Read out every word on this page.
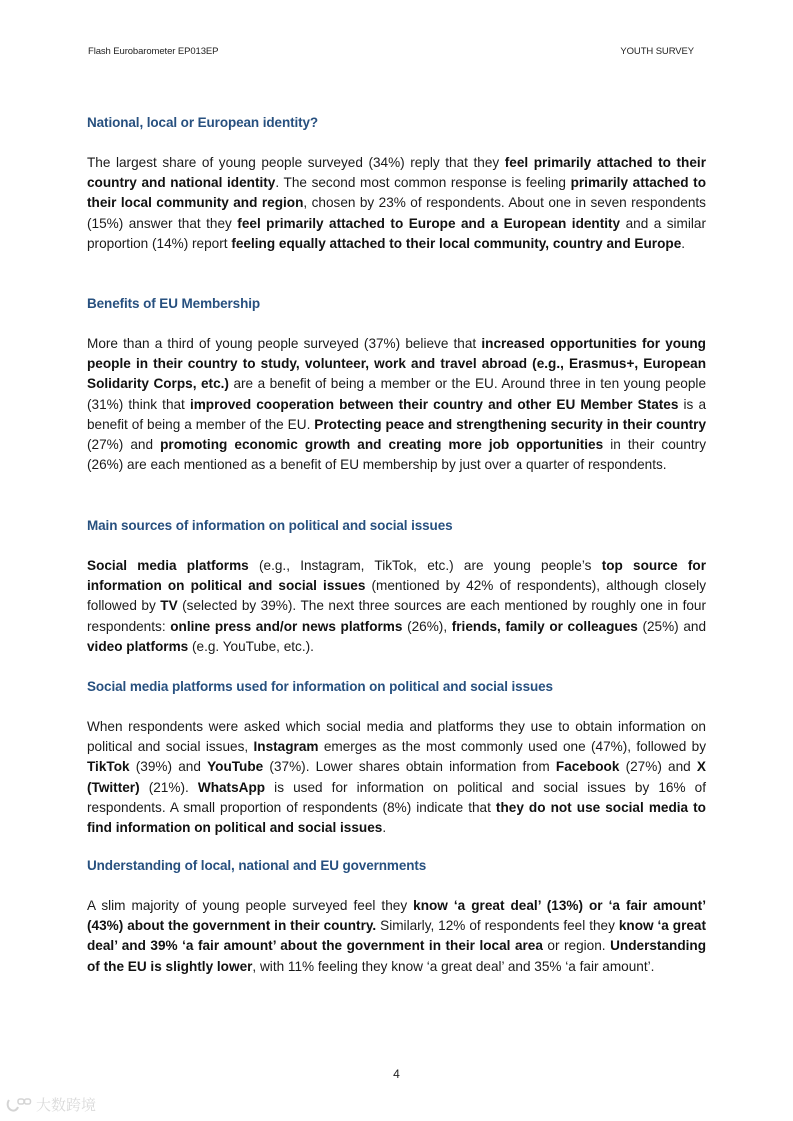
Flash Eurobarometer EP013EP	YOUTH SURVEY
National, local or European identity?

The largest share of young people surveyed (34%) reply that they feel primarily attached to their country and national identity. The second most common response is feeling primarily attached to their local community and region, chosen by 23% of respondents. About one in seven respondents (15%) answer that they feel primarily attached to Europe and a European identity and a similar proportion (14%) report feeling equally attached to their local community, country and Europe.

Benefits of EU Membership

More than a third of young people surveyed (37%) believe that increased opportunities for young people in their country to study, volunteer, work and travel abroad (e.g., Erasmus+, European Solidarity Corps, etc.) are a benefit of being a member or the EU. Around three in ten young people (31%) think that improved cooperation between their country and other EU Member States is a benefit of being a member of the EU. Protecting peace and strengthening security in their country (27%) and promoting economic growth and creating more job opportunities in their country (26%) are each mentioned as a benefit of EU membership by just over a quarter of respondents.

Main sources of information on political and social issues

Social media platforms (e.g., Instagram, TikTok, etc.) are young people’s top source for information on political and social issues (mentioned by 42% of respondents), although closely followed by TV (selected by 39%). The next three sources are each mentioned by roughly one in four respondents: online press and/or news platforms (26%), friends, family or colleagues (25%) and video platforms (e.g. YouTube, etc.).

Social media platforms used for information on political and social issues

When respondents were asked which social media and platforms they use to obtain information on political and social issues, Instagram emerges as the most commonly used one (47%), followed by TikTok (39%) and YouTube (37%). Lower shares obtain information from Facebook (27%) and X (Twitter) (21%). WhatsApp is used for information on political and social issues by 16% of respondents. A small proportion of respondents (8%) indicate that they do not use social media to find information on political and social issues.

Understanding of local, national and EU governments

A slim majority of young people surveyed feel they know ‘a great deal’ (13%) or ‘a fair amount’ (43%) about the government in their country. Similarly, 12% of respondents feel they know ‘a great deal’ and 39% ‘a fair amount’ about the government in their local area or region. Understanding of the EU is slightly lower, with 11% feeling they know ‘a great deal’ and 35% ‘a fair amount’.

4
大数跨境
